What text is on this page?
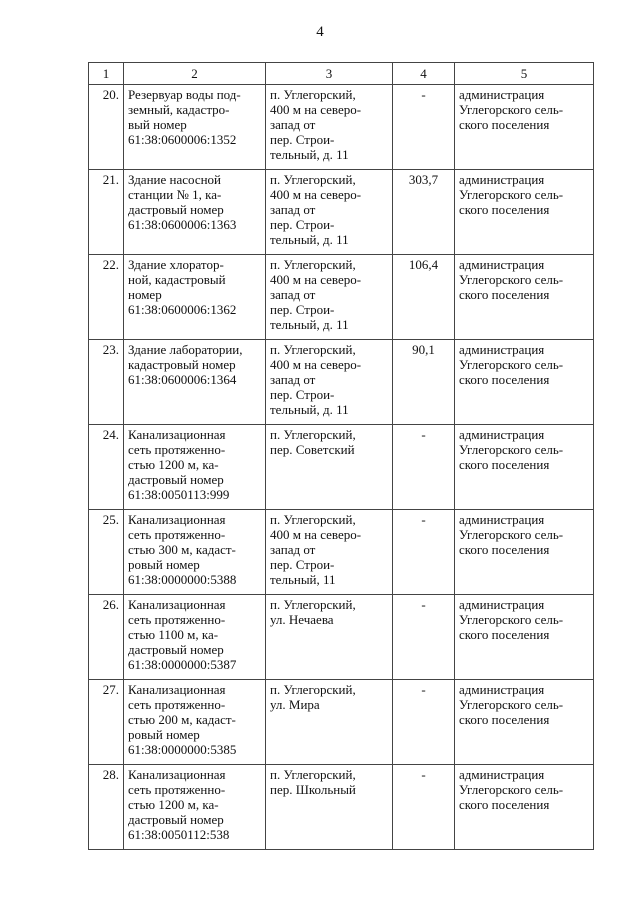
4
1	2	3	4	5
20.	Резервуар воды под-
земный, кадастро-
вый номер
61:38:0600006:1352	п. Углегорский,
400 м на северо-
запад от
пер. Строи-
тельный, д. 11	-	администрация
Углегорского сель-
ского поселения
21.	Здание насосной
станции № 1, ка-
дастровый номер
61:38:0600006:1363	п. Углегорский,
400 м на северо-
запад от
пер. Строи-
тельный, д. 11	303,7	администрация
Углегорского сель-
ского поселения
22.	Здание хлоратор-
ной, кадастровый
номер
61:38:0600006:1362	п. Углегорский,
400 м на северо-
запад от
пер. Строи-
тельный, д. 11	106,4	администрация
Углегорского сель-
ского поселения
23.	Здание лаборатории,
кадастровый номер
61:38:0600006:1364	п. Углегорский,
400 м на северо-
запад от
пер. Строи-
тельный, д. 11	90,1	администрация
Углегорского сель-
ского поселения
24.	Канализационная
сеть протяженно-
стью 1200 м, ка-
дастровый номер
61:38:0050113:999	п. Углегорский,
пер. Советский	-	администрация
Углегорского сель-
ского поселения
25.	Канализационная
сеть протяженно-
стью 300 м, кадаст-
ровый номер
61:38:0000000:5388	п. Углегорский,
400 м на северо-
запад от
пер. Строи-
тельный, 11	-	администрация
Углегорского сель-
ского поселения
26.	Канализационная
сеть протяженно-
стью 1100 м, ка-
дастровый номер
61:38:0000000:5387	п. Углегорский,
ул. Нечаева	-	администрация
Углегорского сель-
ского поселения
27.	Канализационная
сеть протяженно-
стью 200 м, кадаст-
ровый номер
61:38:0000000:5385	п. Углегорский,
ул. Мира	-	администрация
Углегорского сель-
ского поселения
28.	Канализационная
сеть протяженно-
стью 1200 м, ка-
дастровый номер
61:38:0050112:538	п. Углегорский,
пер. Школьный	-	администрация
Углегорского сель-
ского поселения
